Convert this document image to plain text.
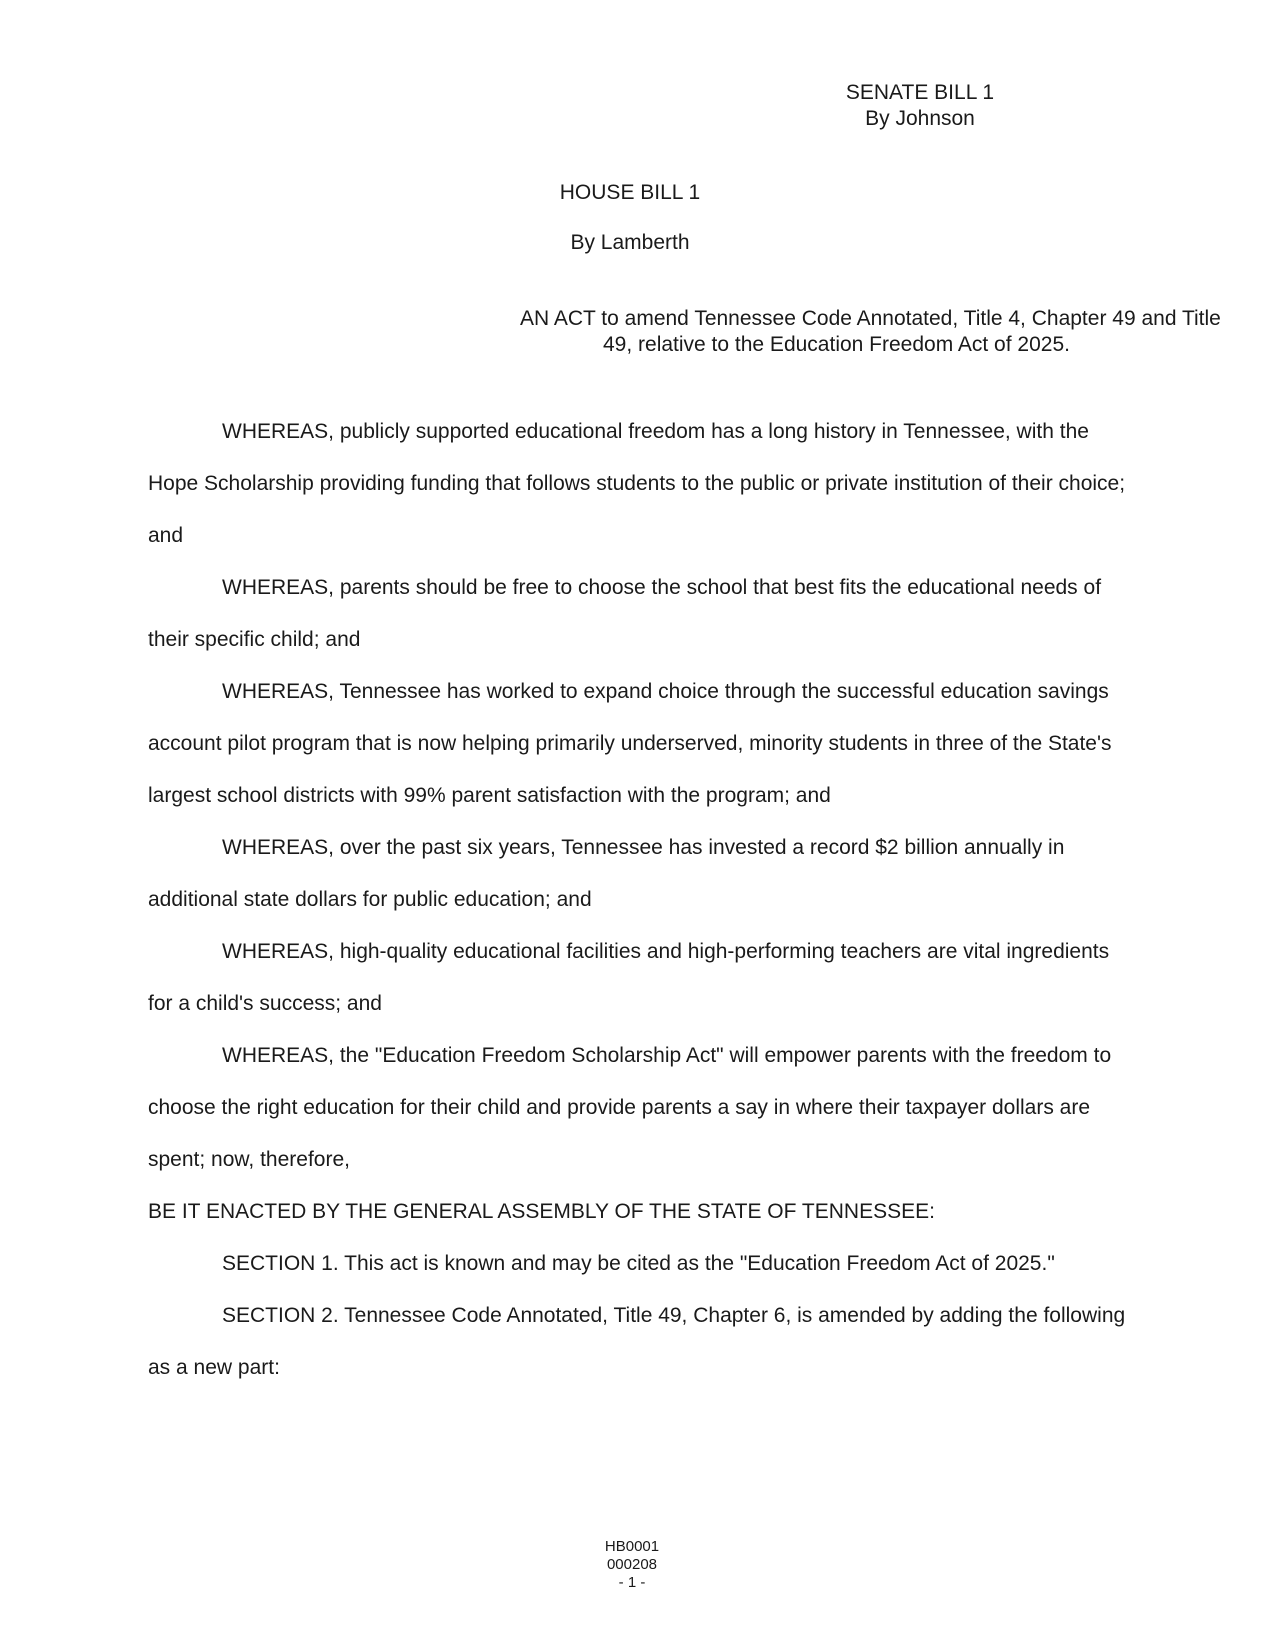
SENATE BILL 1
By Johnson
HOUSE BILL 1
By Lamberth
AN ACT to amend Tennessee Code Annotated, Title 4, Chapter 49 and Title 49, relative to the Education Freedom Act of 2025.

WHEREAS, publicly supported educational freedom has a long history in Tennessee, with the Hope Scholarship providing funding that follows students to the public or private institution of their choice; and

WHEREAS, parents should be free to choose the school that best fits the educational needs of their specific child; and

WHEREAS, Tennessee has worked to expand choice through the successful education savings account pilot program that is now helping primarily underserved, minority students in three of the State's largest school districts with 99% parent satisfaction with the program; and

WHEREAS, over the past six years, Tennessee has invested a record $2 billion annually in additional state dollars for public education; and

WHEREAS, high-quality educational facilities and high-performing teachers are vital ingredients for a child's success; and

WHEREAS, the "Education Freedom Scholarship Act" will empower parents with the freedom to choose the right education for their child and provide parents a say in where their taxpayer dollars are spent; now, therefore,

BE IT ENACTED BY THE GENERAL ASSEMBLY OF THE STATE OF TENNESSEE:

SECTION 1. This act is known and may be cited as the "Education Freedom Act of 2025."

SECTION 2. Tennessee Code Annotated, Title 49, Chapter 6, is amended by adding the following as a new part:

HB0001
000208
- 1 -
